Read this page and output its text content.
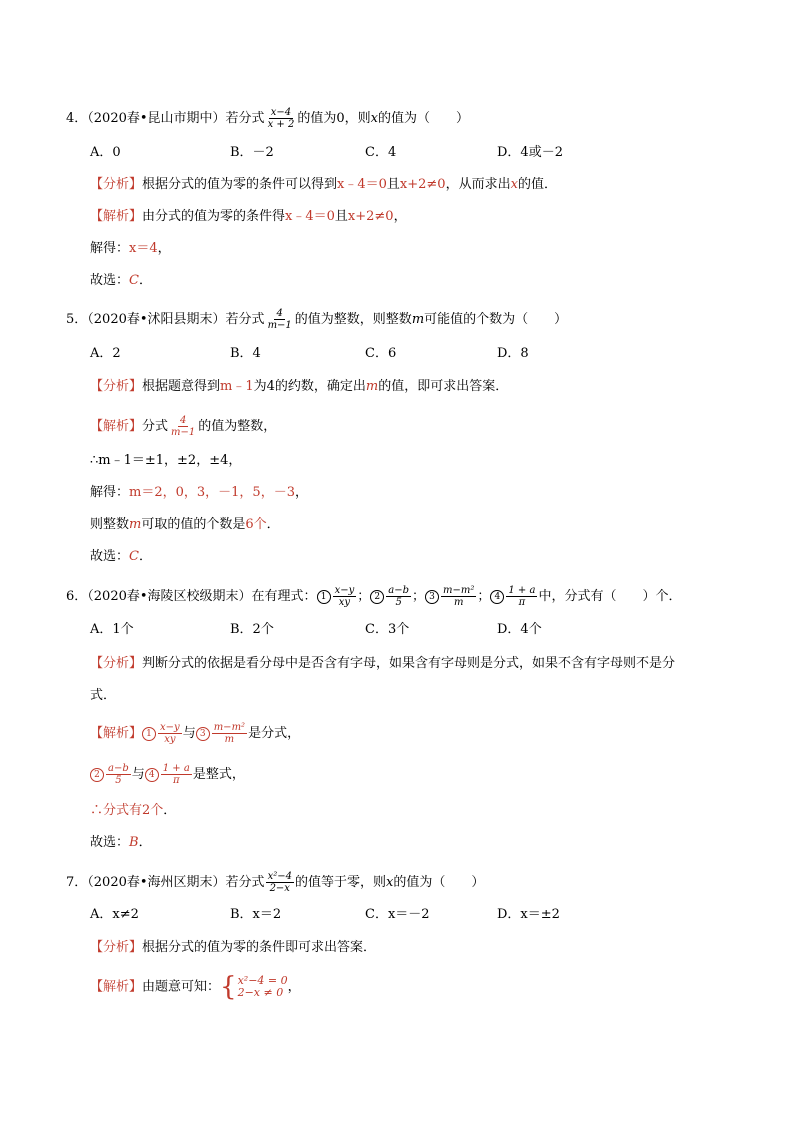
4．（2020春•昆山市期中）若分式 $\frac{x-4}{x + 2}$ 的值为0，则x的值为（　　）
A．0	B．－2	C．4	D．4或－2
【分析】根据分式的值为零的条件可以得到x﹣4＝0且x+2≠0，从而求出x的值．
【解析】由分式的值为零的条件得x﹣4＝0且x+2≠0，
解得：x＝4，
故选：C．
5．（2020春•沭阳县期末）若分式 $\frac{4}{m-1}$ 的值为整数，则整数m可能值的个数为（　　）
A．2	B．4	C．6	D．8
【分析】根据题意得到m﹣1为4的约数，确定出m的值，即可求出答案．
【解析】分式 $\frac{4}{m-1}$ 的值为整数，
∴m﹣1＝±1，±2，±4，
解得：m＝2，0，3，－1，5，－3，
则整数m可取的值的个数是6个．
故选：C．
6．（2020春•海陵区校级期末）在有理式： $1 \frac{x-y}{xy}$ ； $2 \frac{a-b}{5}$ ； $3 \frac{\text{m−m²}}{m}$ ； $4 \frac{1 + a}{\pi}$ 中，分式有（　　）个．
A．1个	B．2个	C．3个	D．4个
【分析】判断分式的依据是看分母中是否含有字母，如果含有字母则是分式，如果不含有字母则不是分
式．
【解析】 $1 \frac{x-y}{xy}$ 与 $3 \frac{\text{m−m²}}{m}$ 是分式，
$2 \frac{a-b}{5}$ 与 $4 \frac{1 + a}{\pi}$ 是整式，
∴分式有2个．
故选：B．
7．（2020春•海州区期末）若分式 $\frac{\text{x²−4}}{2-x}$ 的值等于零，则x的值为（　　）
A．x≠2	B．x＝2	C．x＝－2	D．x＝±2
【分析】根据分式的值为零的条件即可求出答案．
【解析】由题意可知： { x²−4 = 0
2−x ≠ 0 ，
